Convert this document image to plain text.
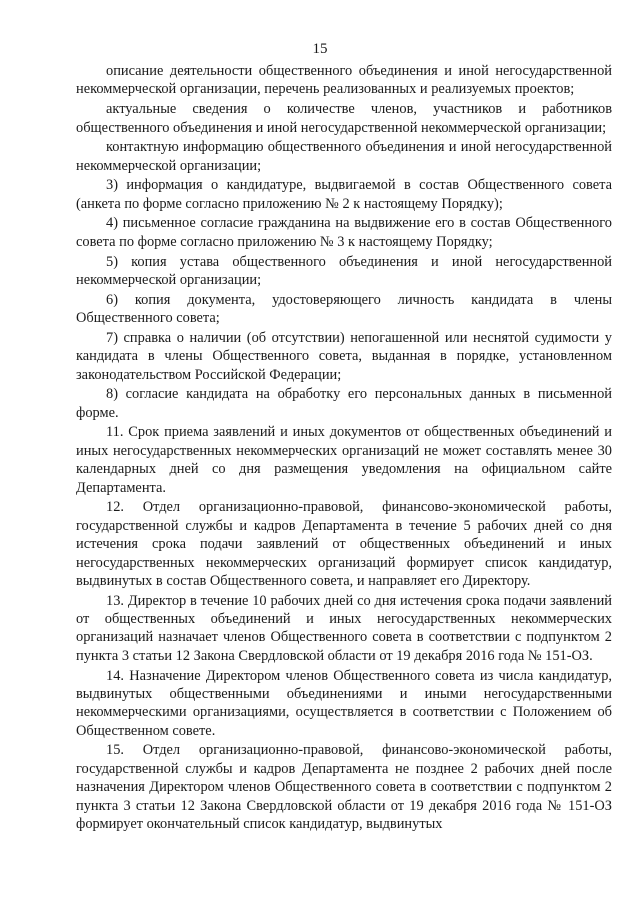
15

описание деятельности общественного объединения и иной негосударственной некоммерческой организации, перечень реализованных и реализуемых проектов;

актуальные сведения о количестве членов, участников и работников общественного объединения и иной негосударственной некоммерческой организации;

контактную информацию общественного объединения и иной негосударственной некоммерческой организации;

3) информация о кандидатуре, выдвигаемой в состав Общественного совета (анкета по форме согласно приложению № 2 к настоящему Порядку);

4) письменное согласие гражданина на выдвижение его в состав Общественного совета по форме согласно приложению № 3 к настоящему Порядку;

5) копия устава общественного объединения и иной негосударственной некоммерческой организации;

6) копия документа, удостоверяющего личность кандидата в члены Общественного совета;

7) справка о наличии (об отсутствии) непогашенной или неснятой судимости у кандидата в члены Общественного совета, выданная в порядке, установленном законодательством Российской Федерации;

8) согласие кандидата на обработку его персональных данных в письменной форме.

11. Срок приема заявлений и иных документов от общественных объединений и иных негосударственных некоммерческих организаций не может составлять менее 30 календарных дней со дня размещения уведомления на официальном сайте Департамента.

12. Отдел организационно-правовой, финансово-экономической работы, государственной службы и кадров Департамента в течение 5 рабочих дней со дня истечения срока подачи заявлений от общественных объединений и иных негосударственных некоммерческих организаций формирует список кандидатур, выдвинутых в состав Общественного совета, и направляет его Директору.

13. Директор в течение 10 рабочих дней со дня истечения срока подачи заявлений от общественных объединений и иных негосударственных некоммерческих организаций назначает членов Общественного совета в соответствии с подпунктом 2 пункта 3 статьи 12 Закона Свердловской области от 19 декабря 2016 года № 151-ОЗ.

14. Назначение Директором членов Общественного совета из числа кандидатур, выдвинутых общественными объединениями и иными негосударственными некоммерческими организациями, осуществляется в соответствии с Положением об Общественном совете.

15. Отдел организационно-правовой, финансово-экономической работы, государственной службы и кадров Департамента не позднее 2 рабочих дней после назначения Директором членов Общественного совета в соответствии с подпунктом 2 пункта 3 статьи 12 Закона Свердловской области от 19 декабря 2016 года № 151-ОЗ формирует окончательный список кандидатур, выдвинутых
